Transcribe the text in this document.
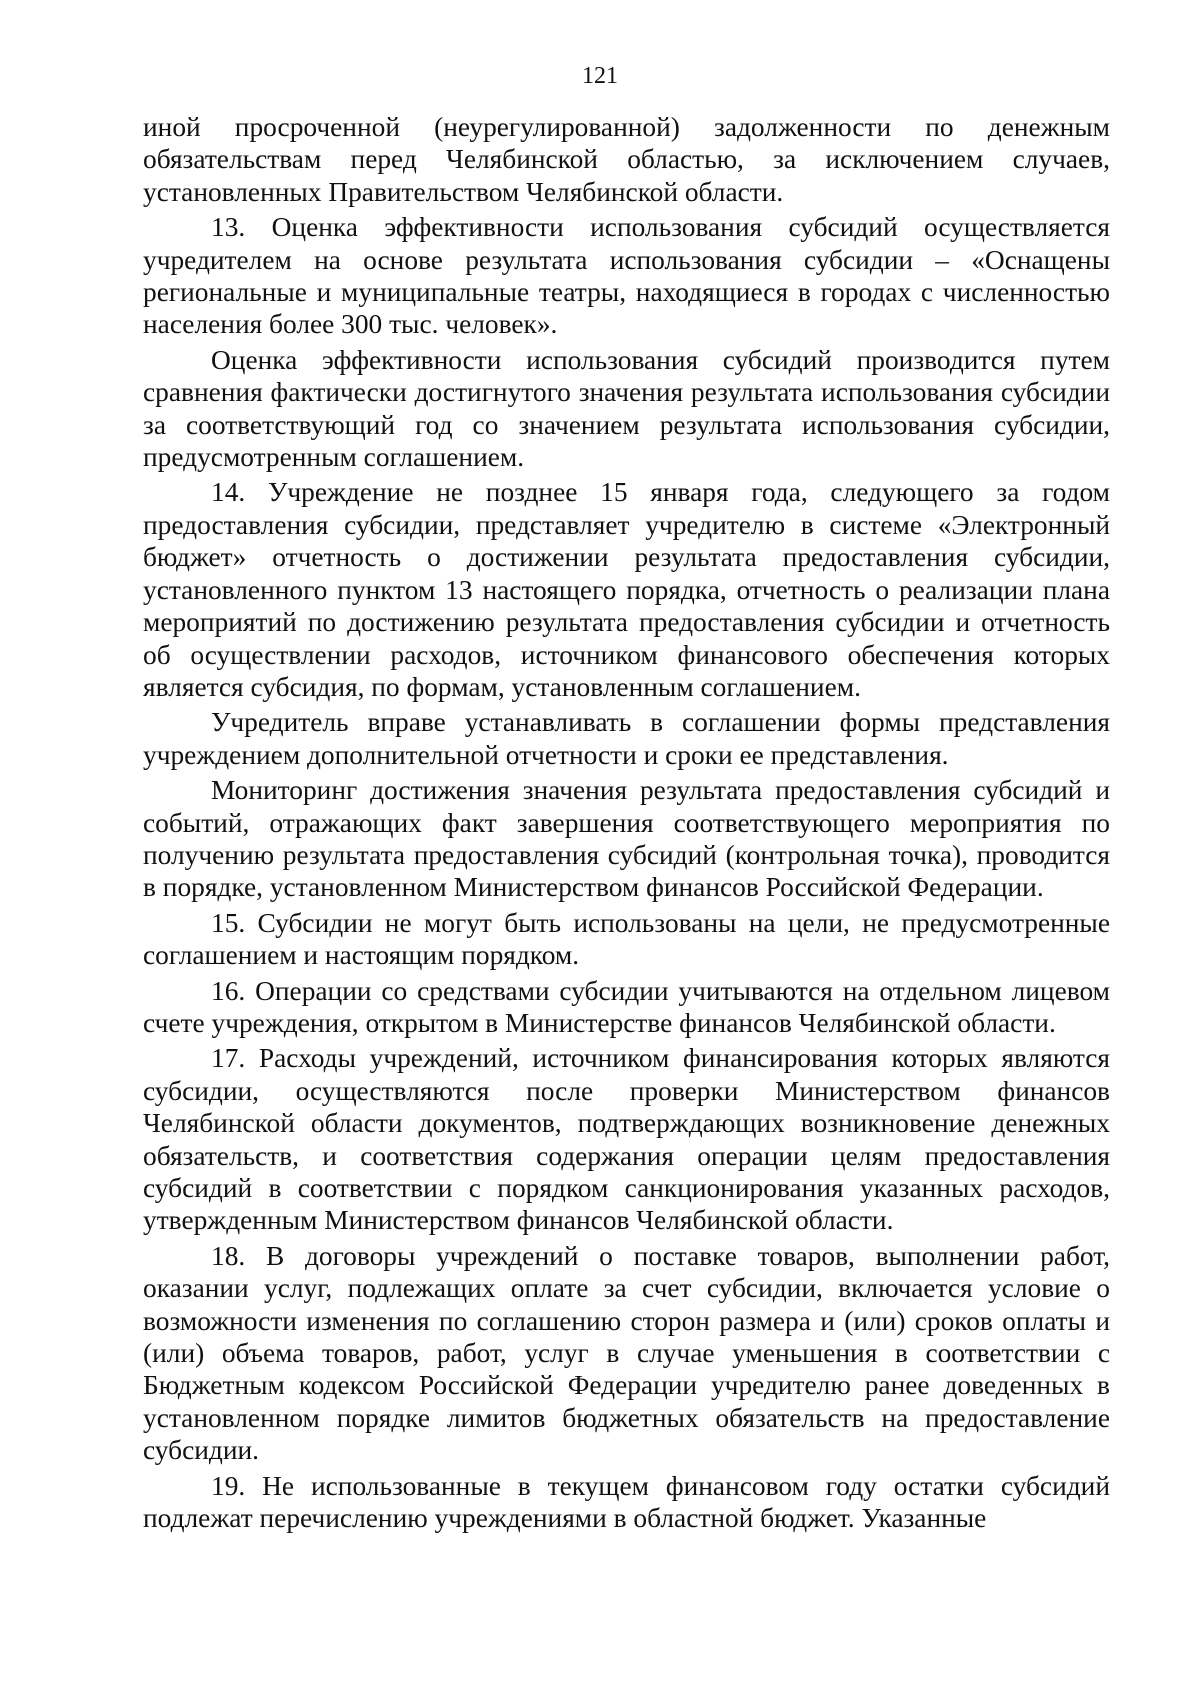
121

иной просроченной (неурегулированной) задолженности по денежным обязательствам перед Челябинской областью, за исключением случаев, установленных Правительством Челябинской области.

13. Оценка эффективности использования субсидий осуществляется учредителем на основе результата использования субсидии – «Оснащены региональные и муниципальные театры, находящиеся в городах с численностью населения более 300 тыс. человек».

Оценка эффективности использования субсидий производится путем сравнения фактически достигнутого значения результата использования субсидии за соответствующий год со значением результата использования субсидии, предусмотренным соглашением.

14. Учреждение не позднее 15 января года, следующего за годом предоставления субсидии, представляет учредителю в системе «Электронный бюджет» отчетность о достижении результата предоставления субсидии, установленного пунктом 13 настоящего порядка, отчетность о реализации плана мероприятий по достижению результата предоставления субсидии и отчетность об осуществлении расходов, источником финансового обеспечения которых является субсидия, по формам, установленным соглашением.

Учредитель вправе устанавливать в соглашении формы представления учреждением дополнительной отчетности и сроки ее представления.

Мониторинг достижения значения результата предоставления субсидий и событий, отражающих факт завершения соответствующего мероприятия по получению результата предоставления субсидий (контрольная точка), проводится в порядке, установленном Министерством финансов Российской Федерации.

15. Субсидии не могут быть использованы на цели, не предусмотренные соглашением и настоящим порядком.

16. Операции со средствами субсидии учитываются на отдельном лицевом счете учреждения, открытом в Министерстве финансов Челябинской области.

17. Расходы учреждений, источником финансирования которых являются субсидии, осуществляются после проверки Министерством финансов Челябинской области документов, подтверждающих возникновение денежных обязательств, и соответствия содержания операции целям предоставления субсидий в соответствии с порядком санкционирования указанных расходов, утвержденным Министерством финансов Челябинской области.

18. В договоры учреждений о поставке товаров, выполнении работ, оказании услуг, подлежащих оплате за счет субсидии, включается условие о возможности изменения по соглашению сторон размера и (или) сроков оплаты и (или) объема товаров, работ, услуг в случае уменьшения в соответствии с Бюджетным кодексом Российской Федерации учредителю ранее доведенных в установленном порядке лимитов бюджетных обязательств на предоставление субсидии.

19. Не использованные в текущем финансовом году остатки субсидий подлежат перечислению учреждениями в областной бюджет. Указанные
